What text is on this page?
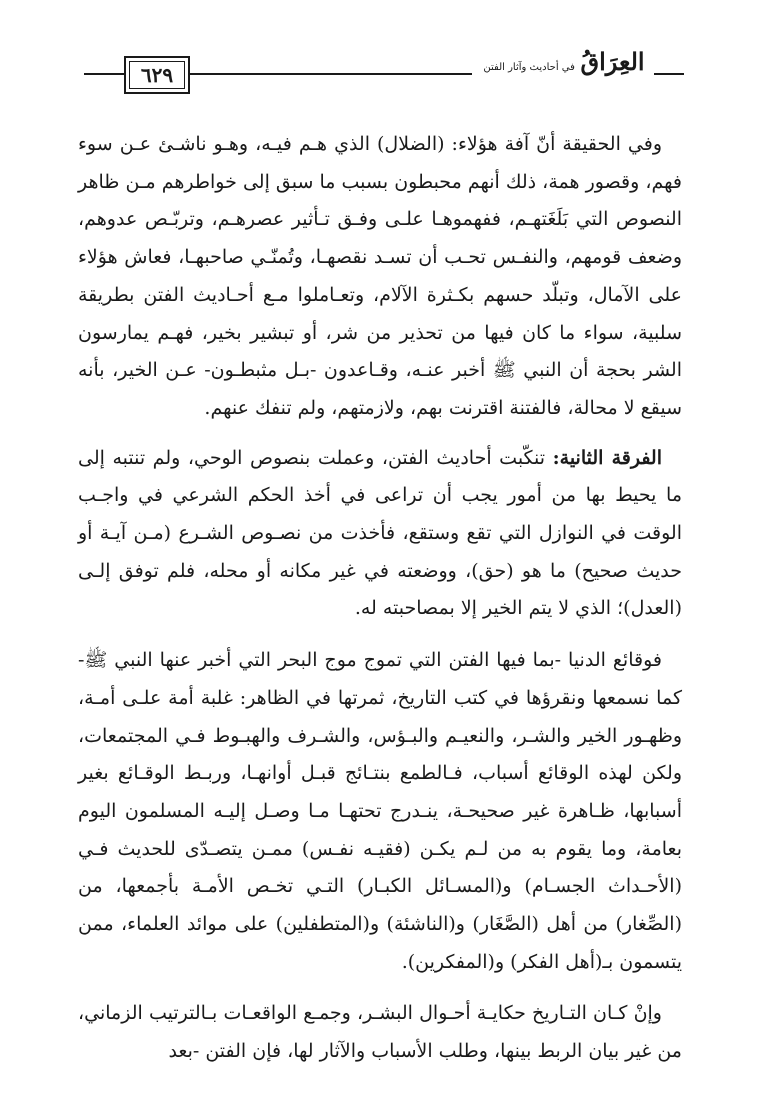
٦٢٩	العِرَاقُ في أحاديث وآثار الفتن

وفي الحقيقة أنّ آفة هؤلاء: (الضلال) الذي هـم فيـه، وهـو ناشـئ عـن سوء فهم، وقصور همة، ذلك أنهم محبطون بسبب ما سبق إلى خواطرهم مـن ظاهر النصوص التي بَلَغَتهـم، ففهموهـا علـى وفـق تـأثير عصرهـم، وتربّـص عدوهم، وضعف قومهم، والنفـس تحـب أن تسـد نقصهـا، وتُمنّـي صاحبهـا، فعاش هؤلاء على الآمال، وتبلّد حسهم بكـثرة الآلام، وتعـاملوا مـع أحـاديث الفتن بطريقة سلبية، سواء ما كان فيها من تحذير من شر، أو تبشير بخير، فهـم يمارسون الشر بحجة أن النبي ﷺ أخبر عنـه، وقـاعدون -بـل مثبطـون- عـن الخير، بأنه سيقع لا محالة، فالفتنة اقترنت بهم، ولازمتهم، ولم تنفك عنهم.

الفرقة الثانية: تنكّبت أحاديث الفتن، وعملت بنصوص الوحي، ولم تنتبه إلى ما يحيط بها من أمور يجب أن تراعى في أخذ الحكم الشرعي في واجـب الوقت في النوازل التي تقع وستقع، فأخذت من نصـوص الشـرع (مـن آيـة أو حديث صحيح) ما هو (حق)، ووضعته في غير مكانه أو محله، فلم توفق إلـى (العدل)؛ الذي لا يتم الخير إلا بمصاحبته له.

فوقائع الدنيا -بما فيها الفتن التي تموج موج البحر التي أخبر عنها النبي ﷺ- كما نسمعها ونقرؤها في كتب التاريخ، ثمرتها في الظاهر: غلبة أمة علـى أمـة، وظهـور الخير والشـر، والنعيـم والبـؤس، والشـرف والهبـوط فـي المجتمعات، ولكن لهذه الوقائع أسباب، فـالطمع بنتـائج قبـل أوانهـا، وربـط الوقـائع بغير أسبابها، ظـاهرة غير صحيحـة، ينـدرج تحتهـا مـا وصـل إليـه المسلمون اليوم بعامة، وما يقوم به من لـم يكـن (فقيـه نفـس) ممـن يتصـدّى للحديث فـي (الأحـداث الجسـام) و(المسـائل الكبـار) التـي تخـص الأمـة بأجمعها، من (الصِّغار) من أهل (الصَّغَار) و(الناشئة) و(المتطفلين) على موائد العلماء، ممن يتسمون بـ(أهل الفكر) و(المفكرين).

وإنْ كـان التـاريخ حكايـة أحـوال البشـر، وجمـع الواقعـات بـالترتيب الزماني، من غير بيان الربط بينها، وطلب الأسباب والآثار لها، فإن الفتن -بعد
